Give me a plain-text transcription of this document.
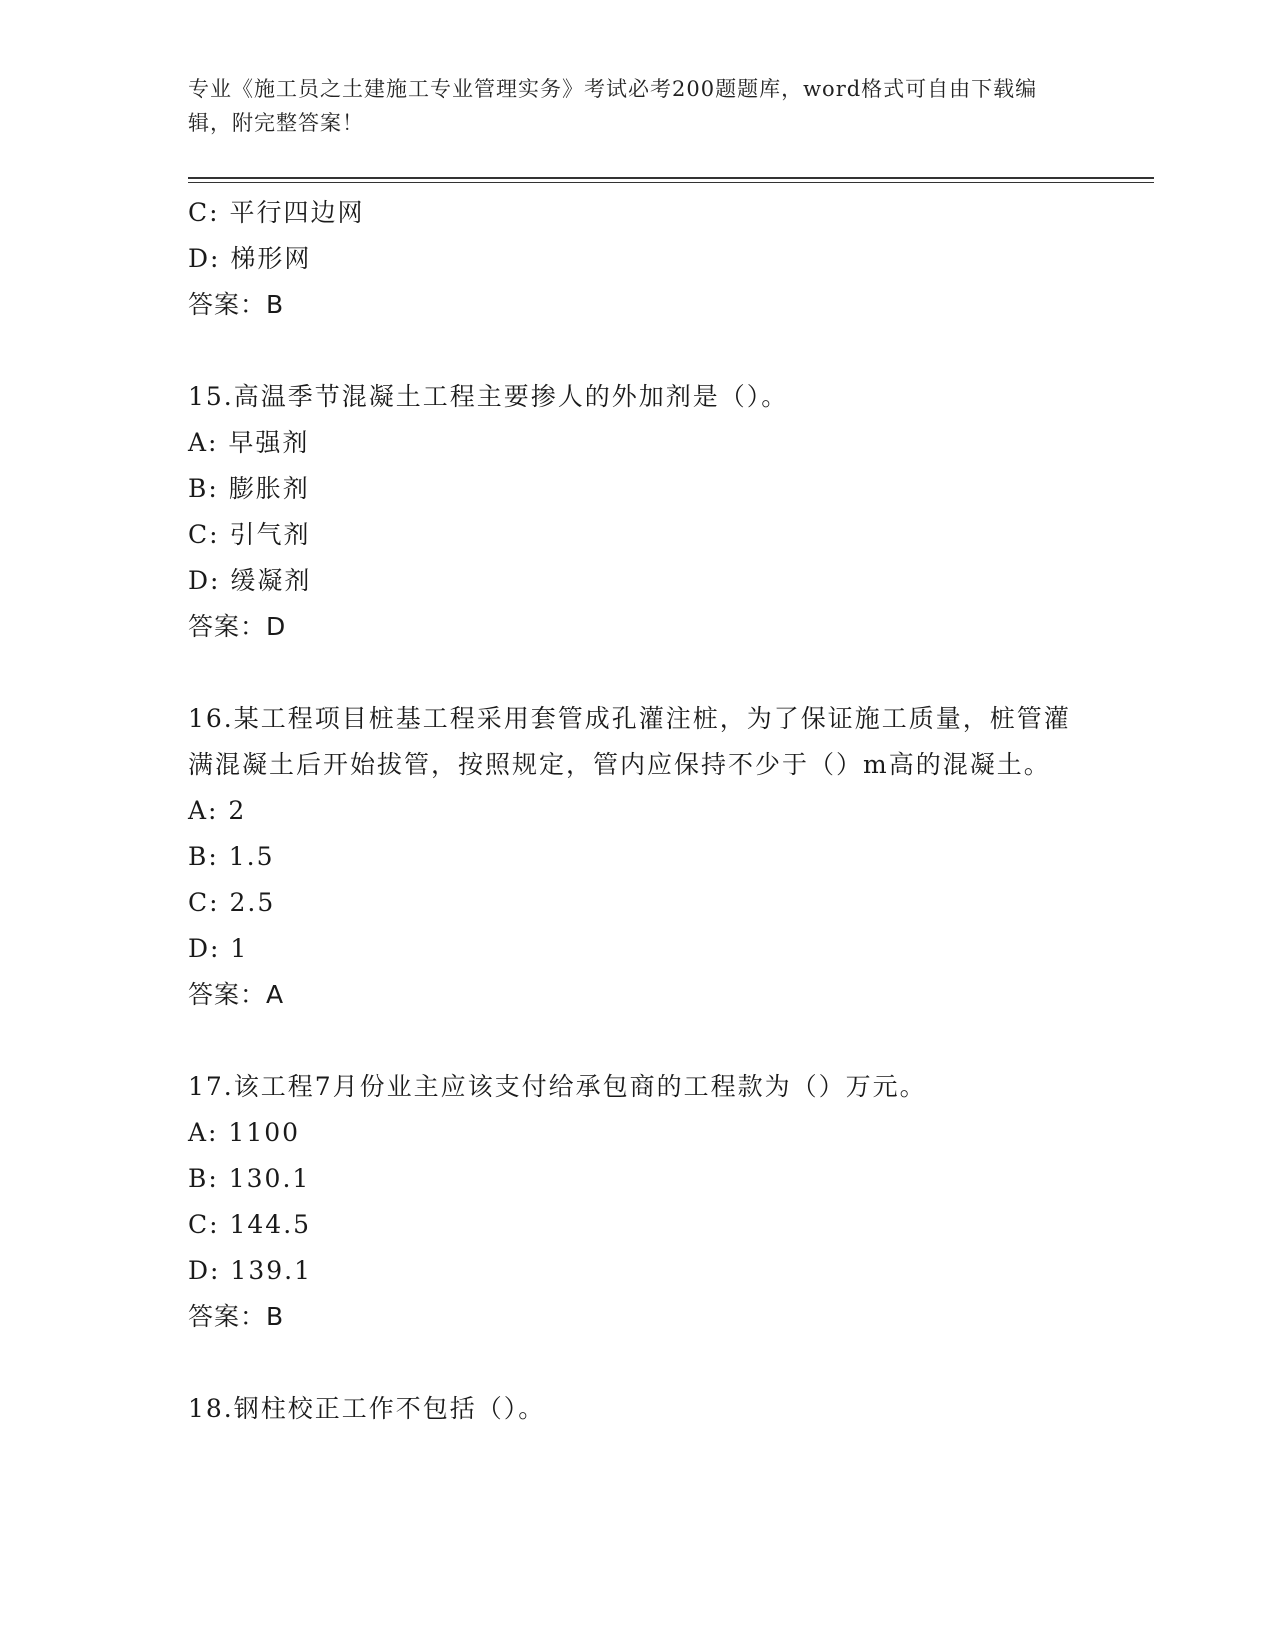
专业《施工员之土建施工专业管理实务》考试必考200题题库，word格式可自由下载编辑，附完整答案！
C: 平行四边网
D: 梯形网
答案：B
15.高温季节混凝土工程主要掺人的外加剂是（）。
A: 早强剂
B: 膨胀剂
C: 引气剂
D: 缓凝剂
答案：D
16.某工程项目桩基工程采用套管成孔灌注桩，为了保证施工质量，桩管灌满混凝土后开始拔管，按照规定，管内应保持不少于（）m高的混凝土。
A: 2
B: 1.5
C: 2.5
D: 1
答案：A
17.该工程7月份业主应该支付给承包商的工程款为（）万元。
A: 1100
B: 130.1
C: 144.5
D: 139.1
答案：B
18.钢柱校正工作不包括（）。
